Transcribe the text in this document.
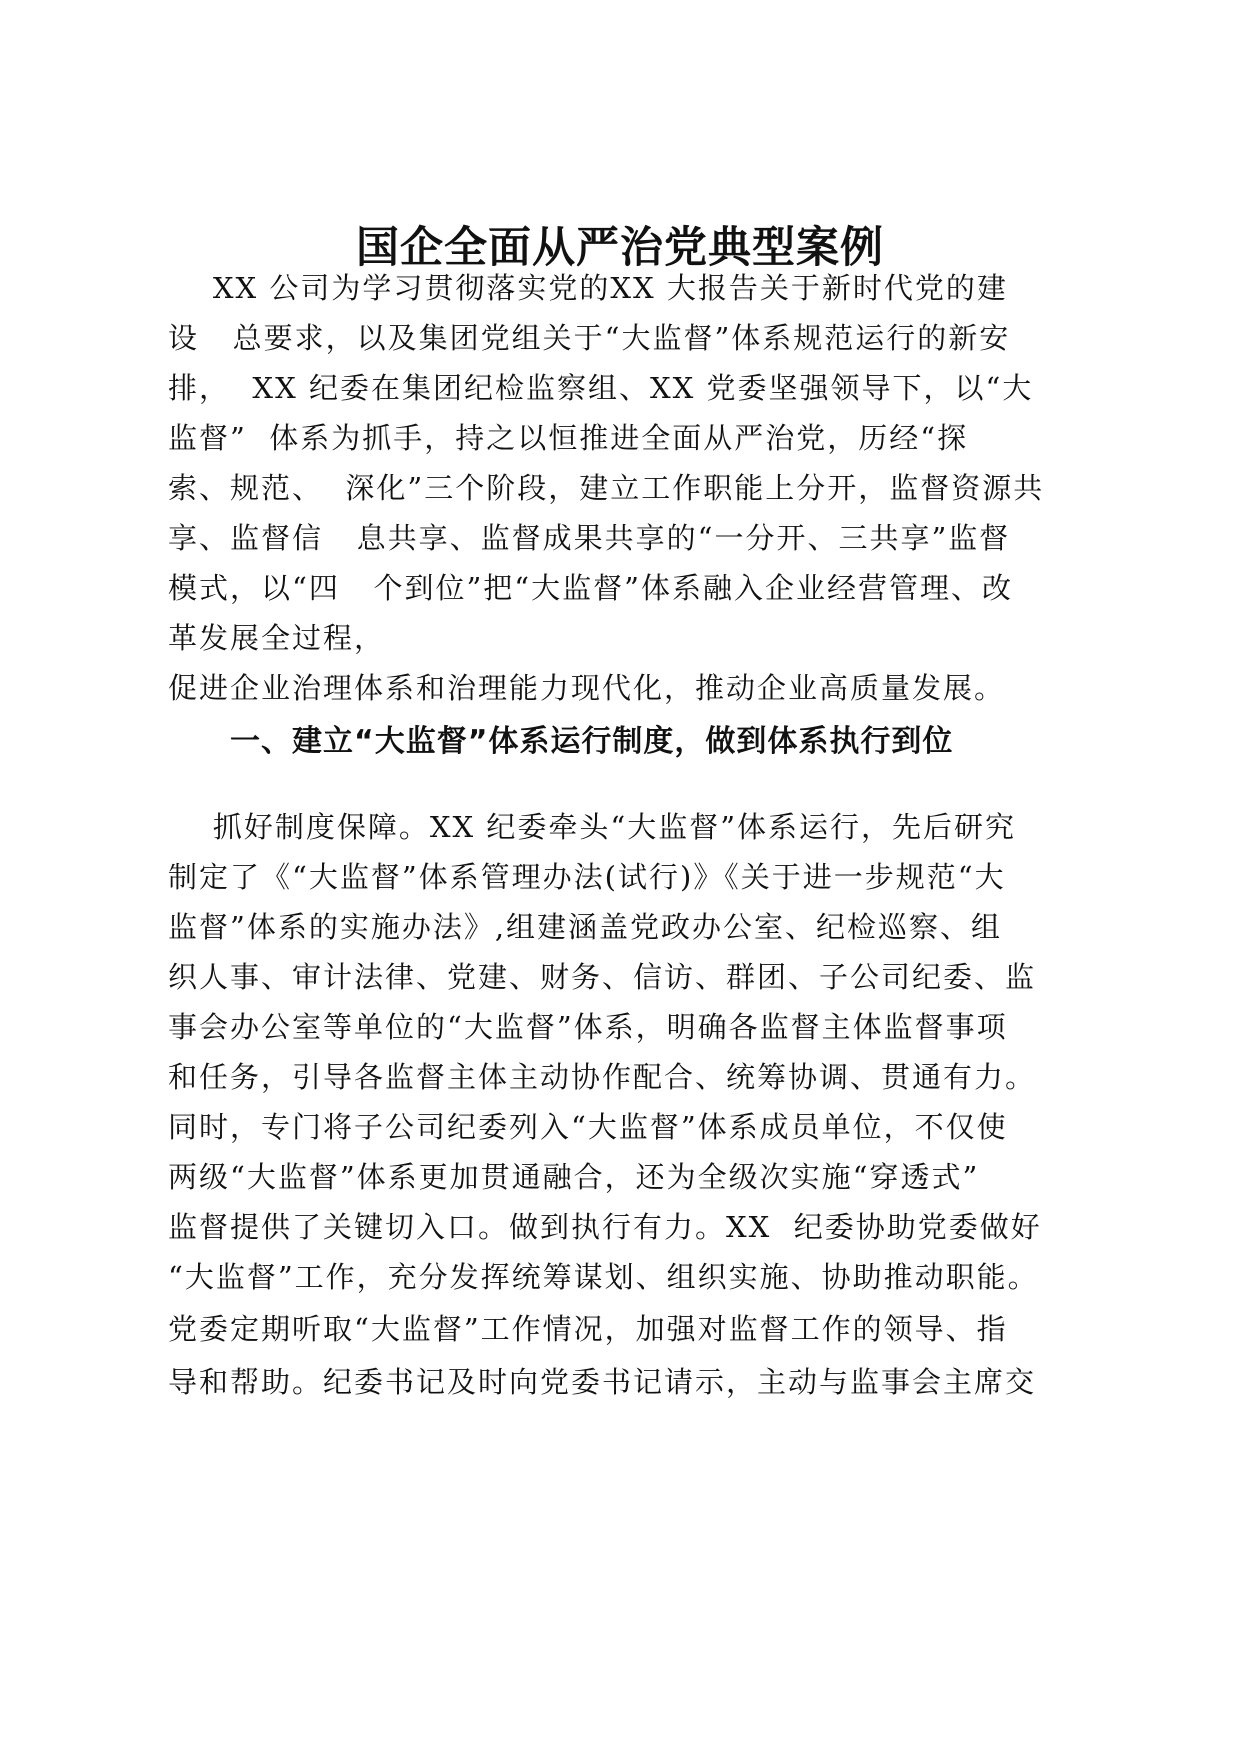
国企全面从严治党典型案例
XX 公司为学习贯彻落实党的XX 大报告关于新时代党的建
设   总要求，以及集团党组关于“大监督”体系规范运行的新安
排，  XX 纪委在集团纪检监察组、XX 党委坚强领导下，以“大
监督”  体系为抓手，持之以恒推进全面从严治党，历经“探
索、规范、  深化”三个阶段，建立工作职能上分开，监督资源共
享、监督信   息共享、监督成果共享的“一分开、三共享”监督
模式，以“四   个到位”把“大监督”体系融入企业经营管理、改
革发展全过程，
促进企业治理体系和治理能力现代化，推动企业高质量发展。
一、建立“大监督”体系运行制度，做到体系执行到位
抓好制度保障。XX 纪委牵头“大监督”体系运行，先后研究
制定了《“大监督”体系管理办法(试行)》《关于进一步规范“大
监督”体系的实施办法》,组建涵盖党政办公室、纪检巡察、组
织人事、审计法律、党建、财务、信访、群团、子公司纪委、监
事会办公室等单位的“大监督”体系，明确各监督主体监督事项
和任务，引导各监督主体主动协作配合、统筹协调、贯通有力。
同时，专门将子公司纪委列入“大监督”体系成员单位，不仅使
两级“大监督”体系更加贯通融合，还为全级次实施“穿透式”
监督提供了关键切入口。做到执行有力。XX  纪委协助党委做好
“大监督”工作，充分发挥统筹谋划、组织实施、协助推动职能。
党委定期听取“大监督”工作情况，加强对监督工作的领导、指
导和帮助。纪委书记及时向党委书记请示，主动与监事会主席交
